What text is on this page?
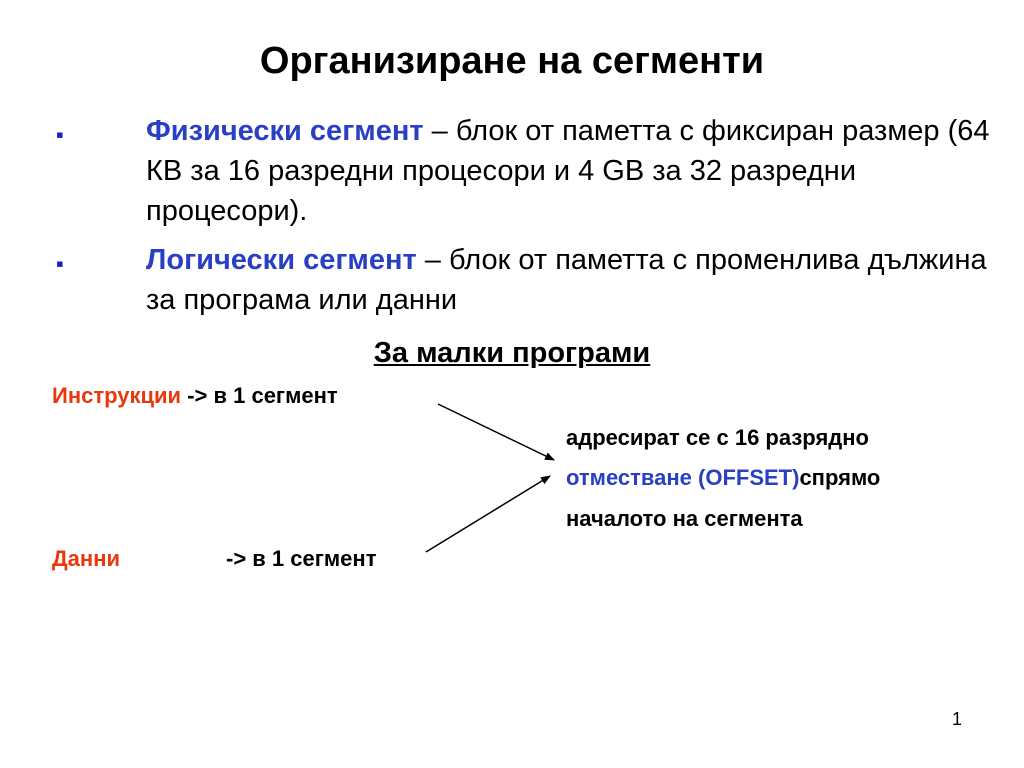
Организиране на сегменти
▪	Физически сегмент – блок от паметта с фиксиран размер (64 КВ за 16 разредни процесори и 4 GB за 32 разредни процесори).
▪	Логически сегмент – блок от паметта с променлива дължина за програма или данни
За малки програми
Инструкции -> в 1 сегмент
Данни	-> в 1 сегмент
адресират се с 16 разрядно
отместване (OFFSET)спрямо
началото на сегмента
1
